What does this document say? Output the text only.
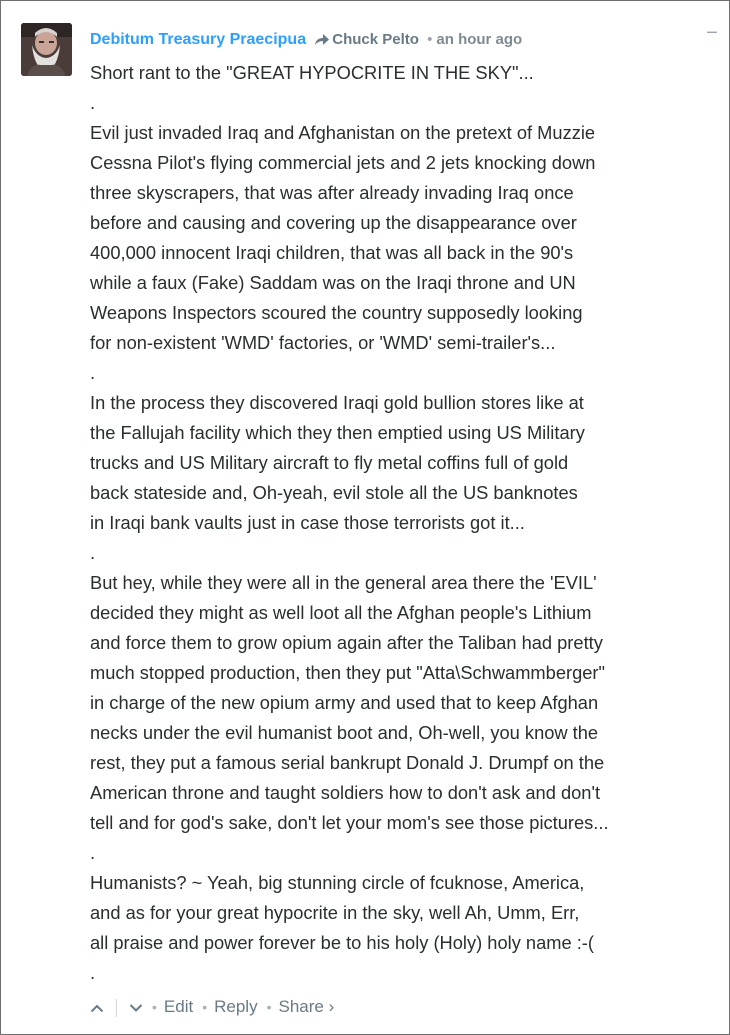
−
Debitum Treasury Praecipua Chuck Pelto • an hour ago

Short rant to the "GREAT HYPOCRITE IN THE SKY"...

.

Evil just invaded Iraq and Afghanistan on the pretext of Muzzie
Cessna Pilot's flying commercial jets and 2 jets knocking down
three skyscrapers, that was after already invading Iraq once
before and causing and covering up the disappearance over
400,000 innocent Iraqi children, that was all back in the 90's
while a faux (Fake) Saddam was on the Iraqi throne and UN
Weapons Inspectors scoured the country supposedly looking
for non-existent 'WMD' factories, or 'WMD' semi-trailer's...

.

In the process they discovered Iraqi gold bullion stores like at
the Fallujah facility which they then emptied using US Military
trucks and US Military aircraft to fly metal coffins full of gold
back stateside and, Oh-yeah, evil stole all the US banknotes
in Iraqi bank vaults just in case those terrorists got it...

.

But hey, while they were all in the general area there the 'EVIL'
decided they might as well loot all the Afghan people's Lithium
and force them to grow opium again after the Taliban had pretty
much stopped production, then they put "Atta\Schwammberger"
in charge of the new opium army and used that to keep Afghan
necks under the evil humanist boot and, Oh-well, you know the
rest, they put a famous serial bankrupt Donald J. Drumpf on the
American throne and taught soldiers how to don't ask and don't
tell and for god's sake, don't let your mom's see those pictures...

.

Humanists? ~ Yeah, big stunning circle of fcuknose, America,
and as for your great hypocrite in the sky, well Ah, Umm, Err,
all praise and power forever be to his holy (Holy) holy name :-(

.

• Edit • Reply • Share ›
